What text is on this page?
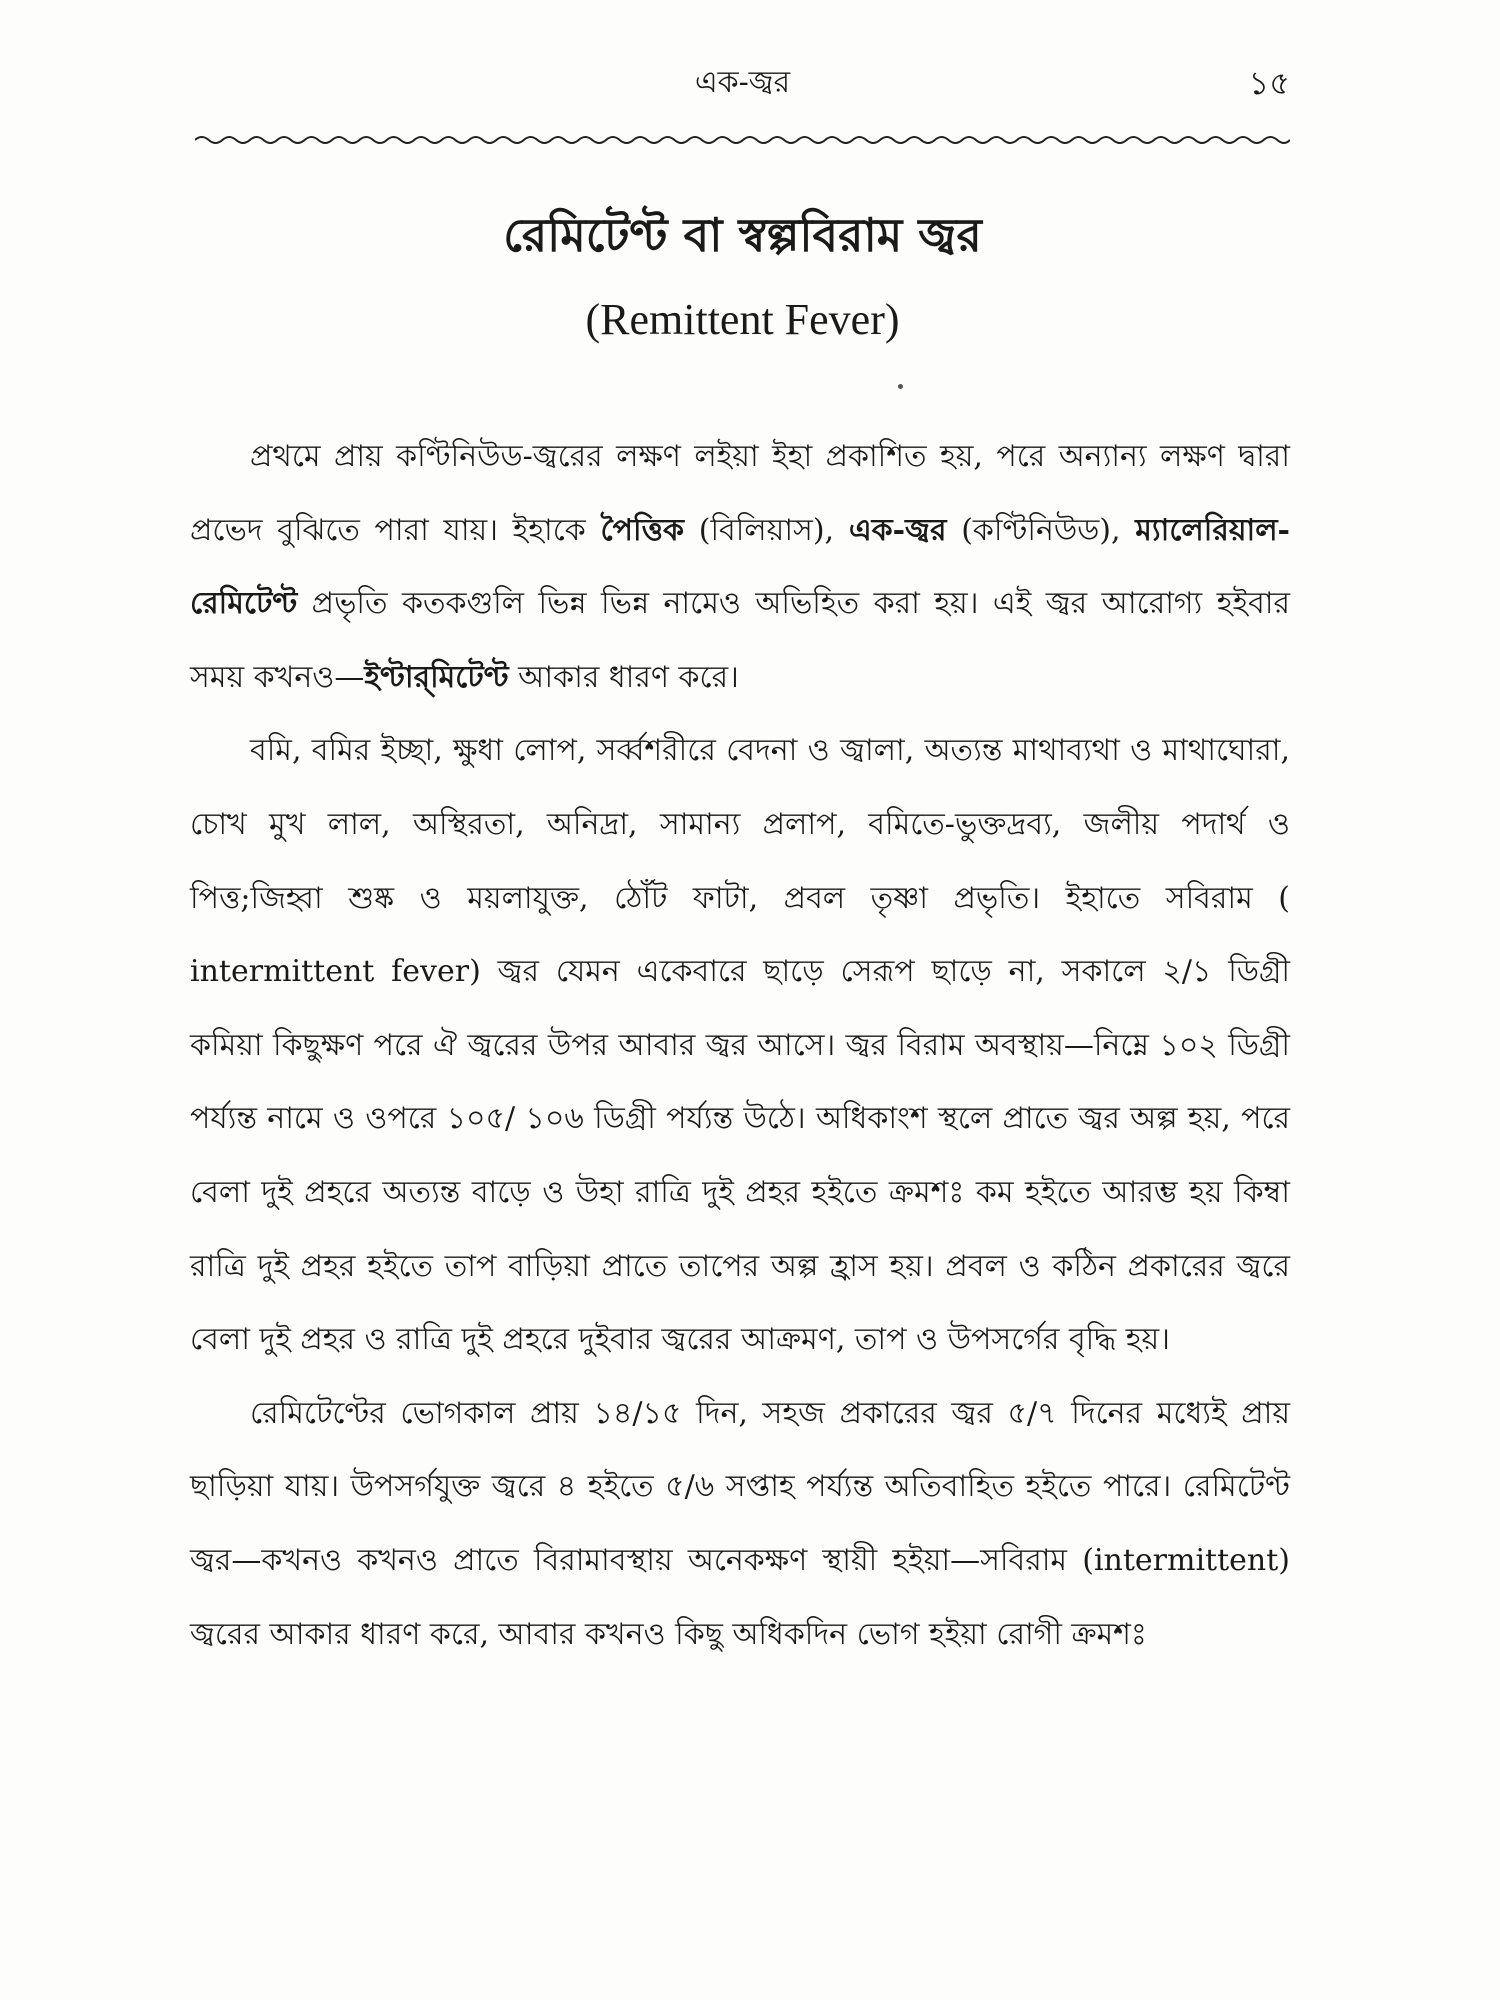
এক-জ্বর	১৫
রেমিটেণ্ট বা স্বল্পবিরাম জ্বর
(Remittent Fever)

প্রথমে প্রায় কণ্টিনিউড-জ্বরের লক্ষণ লইয়া ইহা প্রকাশিত হয়, পরে অন্যান্য লক্ষণ দ্বারা প্রভেদ বুঝিতে পারা যায়। ইহাকে পৈত্তিক (বিলিয়াস), এক-জ্বর (কণ্টিনিউড), ম্যালেরিয়াল-রেমিটেণ্ট প্রভৃতি কতকগুলি ভিন্ন ভিন্ন নামেও অভিহিত করা হয়। এই জ্বর আরোগ্য হইবার সময় কখনও—ইণ্টার্‌মিটেণ্ট আকার ধারণ করে।

বমি, বমির ইচ্ছা, ক্ষুধা লোপ, সর্ব্বশরীরে বেদনা ও জ্বালা, অত্যন্ত মাথাব্যথা ও মাথাঘোরা, চোখ মুখ লাল, অস্থিরতা, অনিদ্রা, সামান্য প্রলাপ, বমিতে-ভুক্তদ্রব্য, জলীয় পদার্থ ও পিত্ত;জিহ্বা শুষ্ক ও ময়লাযুক্ত, ঠোঁট ফাটা, প্রবল তৃষ্ণা প্রভৃতি। ইহাতে সবিরাম ( intermittent fever) জ্বর যেমন একেবারে ছাড়ে সেরূপ ছাড়ে না, সকালে ২/১ ডিগ্রী কমিয়া কিছুক্ষণ পরে ঐ জ্বরের উপর আবার জ্বর আসে। জ্বর বিরাম অবস্থায়—নিম্নে ১০২ ডিগ্রী পর্য্যন্ত নামে ও ওপরে ১০৫/ ১০৬ ডিগ্রী পর্য্যন্ত উঠে। অধিকাংশ স্থলে প্রাতে জ্বর অল্প হয়, পরে বেলা দুই প্রহরে অত্যন্ত বাড়ে ও উহা রাত্রি দুই প্রহর হইতে ক্রমশঃ কম হইতে আরম্ভ হয় কিম্বা রাত্রি দুই প্রহর হইতে তাপ বাড়িয়া প্রাতে তাপের অল্প হ্রাস হয়। প্রবল ও কঠিন প্রকারের জ্বরে বেলা দুই প্রহর ও রাত্রি দুই প্রহরে দুইবার জ্বরের আক্রমণ, তাপ ও উপসর্গের বৃদ্ধি হয়।

রেমিটেণ্টের ভোগকাল প্রায় ১৪/১৫ দিন, সহজ প্রকারের জ্বর ৫/৭ দিনের মধ্যেই প্রায় ছাড়িয়া যায়। উপসর্গযুক্ত জ্বরে ৪ হইতে ৫/৬ সপ্তাহ পর্য্যন্ত অতিবাহিত হইতে পারে। রেমিটেণ্ট জ্বর—কখনও কখনও প্রাতে বিরামাবস্থায় অনেকক্ষণ স্থায়ী হইয়া—সবিরাম (intermittent) জ্বরের আকার ধারণ করে, আবার কখনও কিছু অধিকদিন ভোগ হইয়া রোগী ক্রমশঃ
